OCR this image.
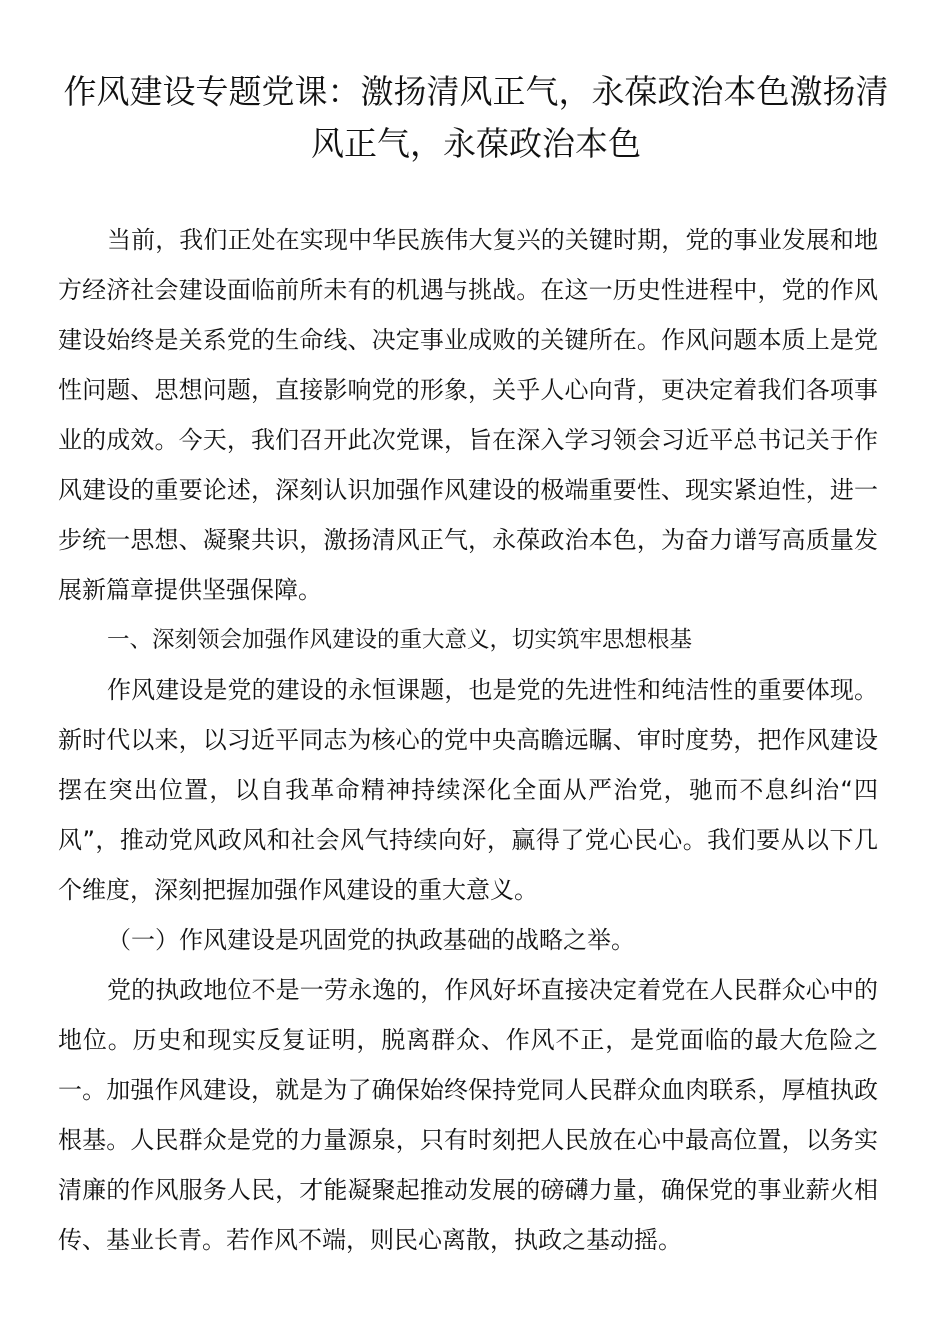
作风建设专题党课：激扬清风正气，永葆政治本色激扬清风正气，永葆政治本色

当前，我们正处在实现中华民族伟大复兴的关键时期，党的事业发展和地方经济社会建设面临前所未有的机遇与挑战。在这一历史性进程中，党的作风建设始终是关系党的生命线、决定事业成败的关键所在。作风问题本质上是党性问题、思想问题，直接影响党的形象，关乎人心向背，更决定着我们各项事业的成效。今天，我们召开此次党课，旨在深入学习领会习近平总书记关于作风建设的重要论述，深刻认识加强作风建设的极端重要性、现实紧迫性，进一步统一思想、凝聚共识，激扬清风正气，永葆政治本色，为奋力谱写高质量发展新篇章提供坚强保障。

一、深刻领会加强作风建设的重大意义，切实筑牢思想根基

作风建设是党的建设的永恒课题，也是党的先进性和纯洁性的重要体现。新时代以来，以习近平同志为核心的党中央高瞻远瞩、审时度势，把作风建设摆在突出位置，以自我革命精神持续深化全面从严治党，驰而不息纠治“四风”，推动党风政风和社会风气持续向好，赢得了党心民心。我们要从以下几个维度，深刻把握加强作风建设的重大意义。

（一）作风建设是巩固党的执政基础的战略之举。

党的执政地位不是一劳永逸的，作风好坏直接决定着党在人民群众心中的地位。历史和现实反复证明，脱离群众、作风不正，是党面临的最大危险之一。加强作风建设，就是为了确保始终保持党同人民群众血肉联系，厚植执政根基。人民群众是党的力量源泉，只有时刻把人民放在心中最高位置，以务实清廉的作风服务人民，才能凝聚起推动发展的磅礴力量，确保党的事业薪火相传、基业长青。若作风不端，则民心离散，执政之基动摇。
